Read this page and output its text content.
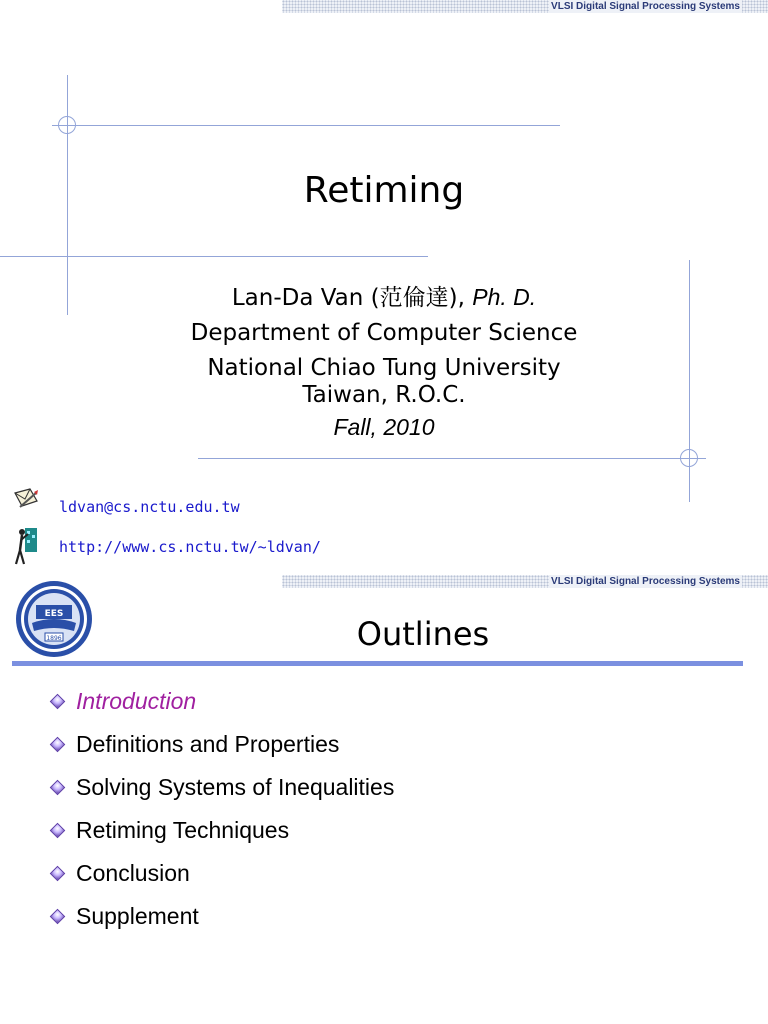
VLSI Digital Signal Processing Systems
Retiming
Lan-Da Van (范倫達), Ph. D.
Department of Computer Science
National Chiao Tung University
Taiwan, R.O.C.
Fall, 2010
ldvan@cs.nctu.edu.tw
http://www.cs.nctu.tw/~ldvan/
VLSI Digital Signal Processing Systems
EES
1896	Outlines
Introduction
Definitions and Properties
Solving Systems of Inequalities
Retiming Techniques
Conclusion
Supplement
